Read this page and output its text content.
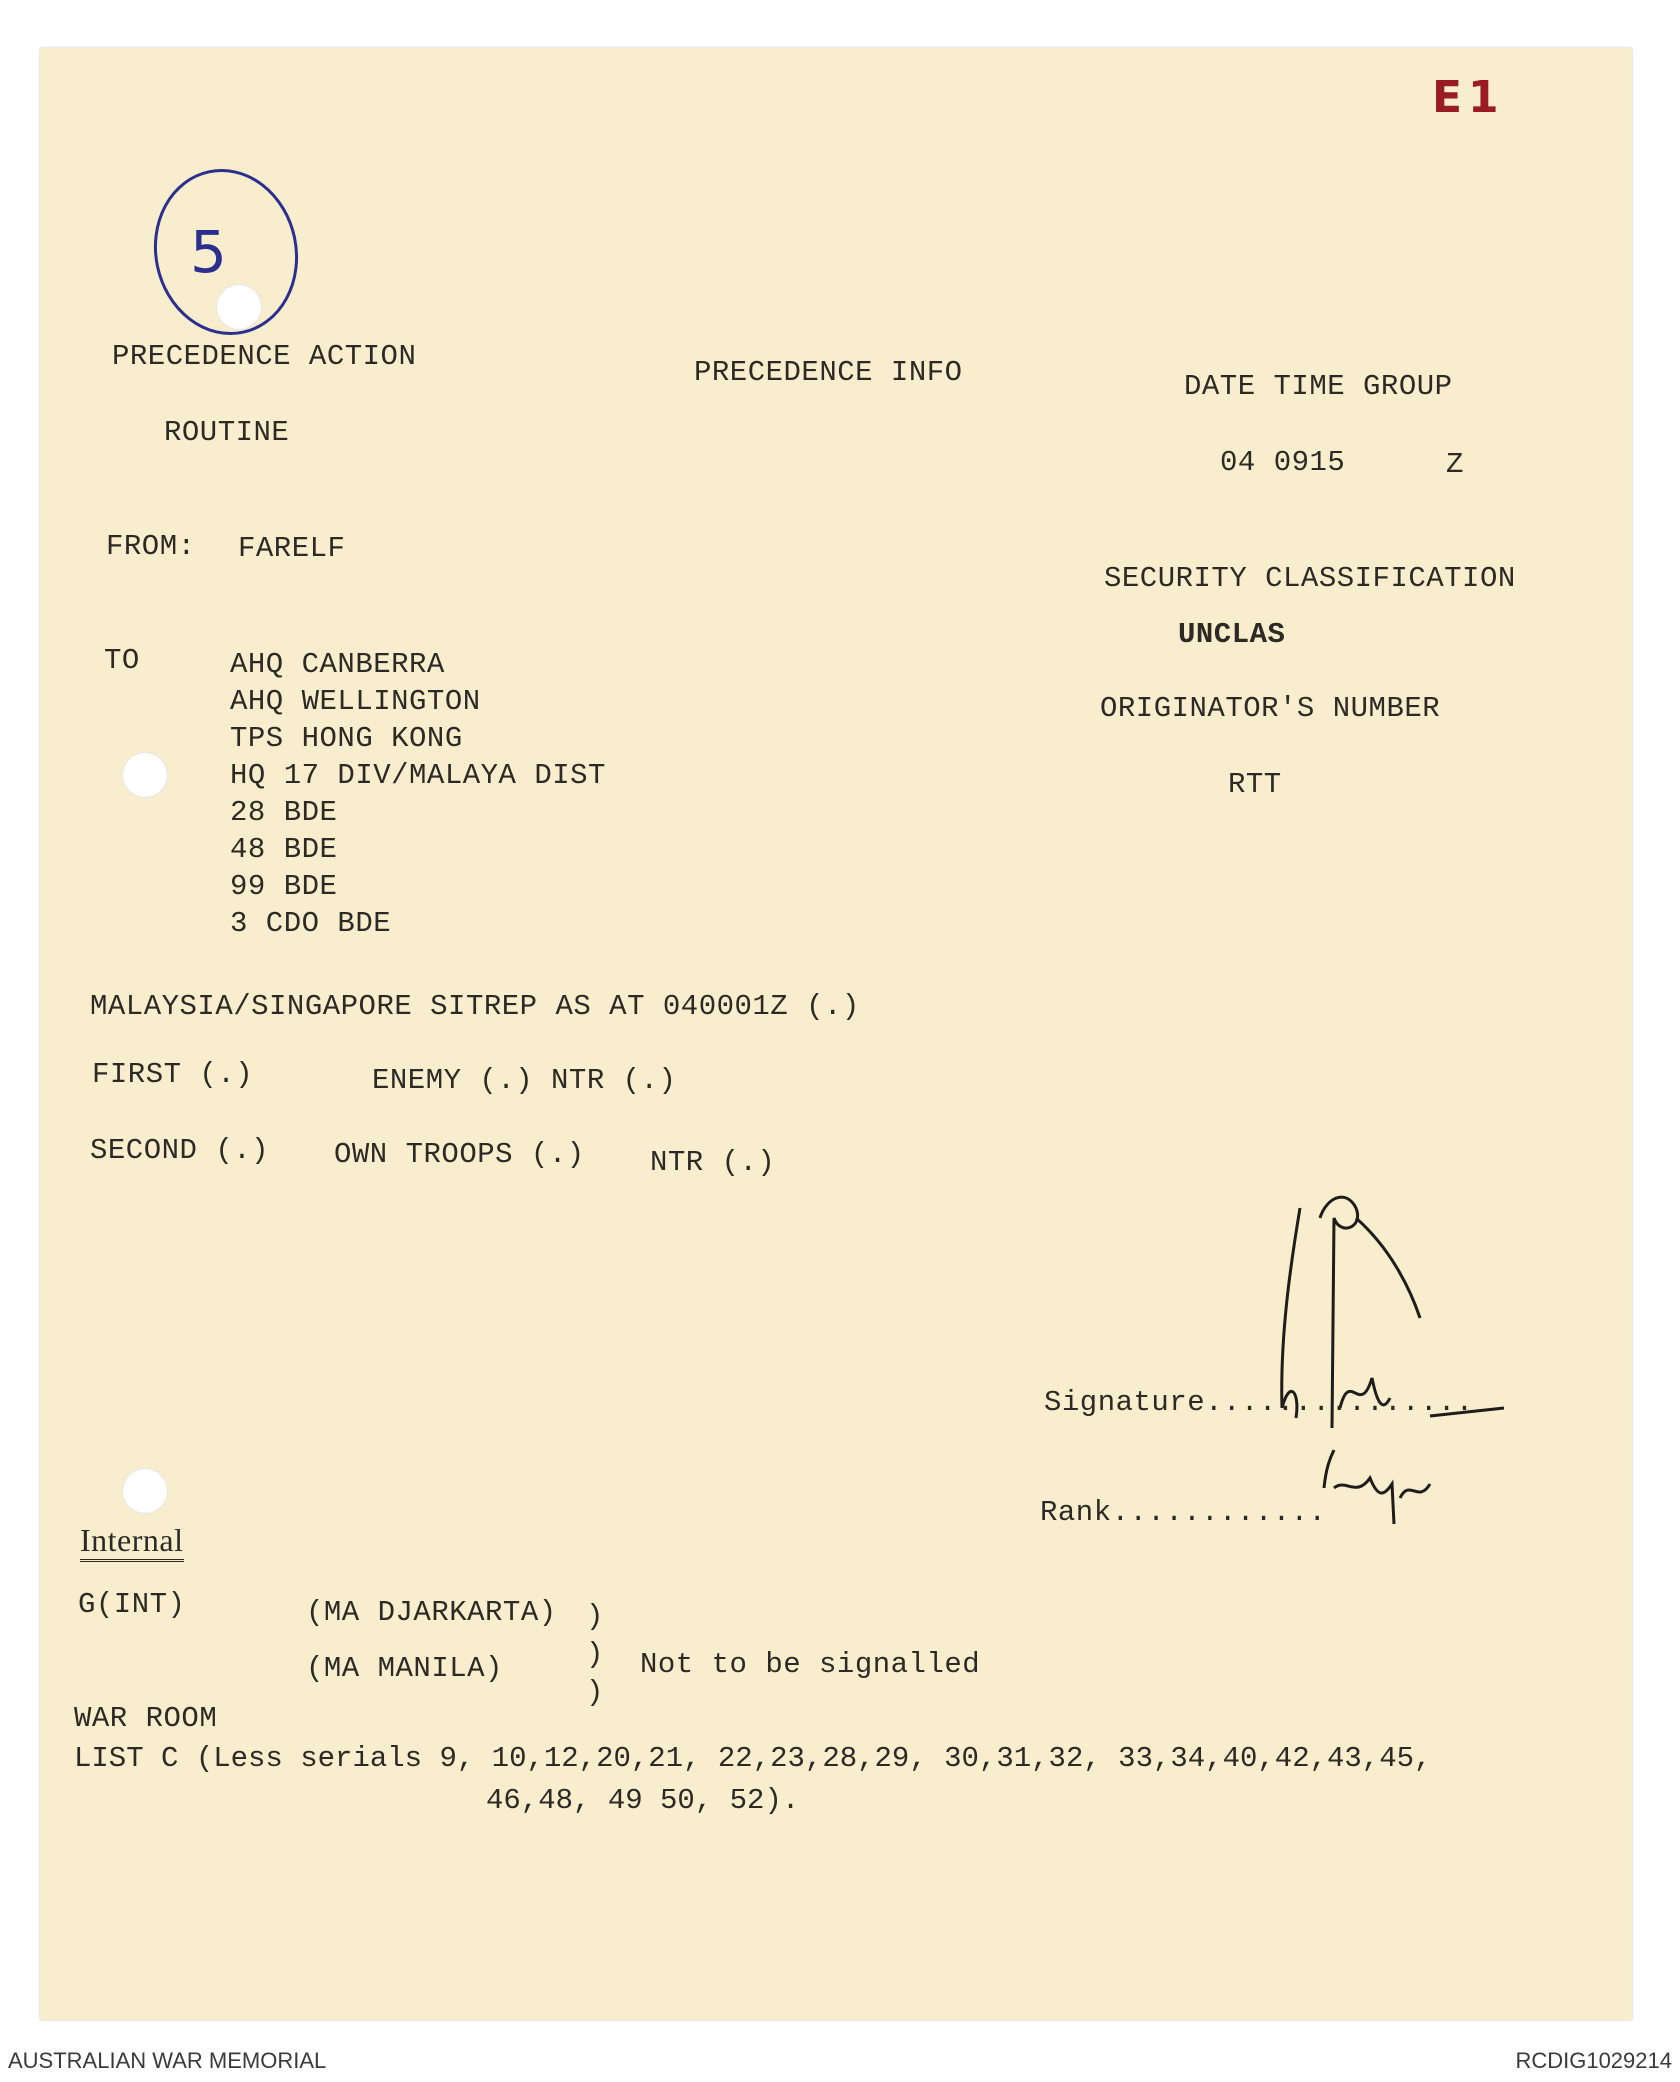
E1
5
PRECEDENCE ACTION
ROUTINE
PRECEDENCE INFO	DATE TIME GROUP
04 0915	Z
FROM: FARELF
SECURITY CLASSIFICATION
UNCLAS
ORIGINATOR'S NUMBER
RTT
TO	AHQ CANBERRA
AHQ WELLINGTON
TPS HONG KONG
HQ 17 DIV/MALAYA DIST
28 BDE
48 BDE
99 BDE
3 CDO BDE
MALAYSIA/SINGAPORE SITREP AS AT 040001Z (.)
FIRST (.)	ENEMY (.) NTR (.)
SECOND (.) OWN TROOPS (.) NTR (.)
Signature...............
Rank............
Internal
G(INT)	(MA DJARKARTA)
(MA MANILA)
)
)
)
Not to be signalled
WAR ROOM
LIST C (Less serials 9, 10,12,20,21, 22,23,28,29, 30,31,32, 33,34,40,42,43,45,
46,48, 49 50, 52).
AUSTRALIAN WAR MEMORIAL	RCDIG1029214
